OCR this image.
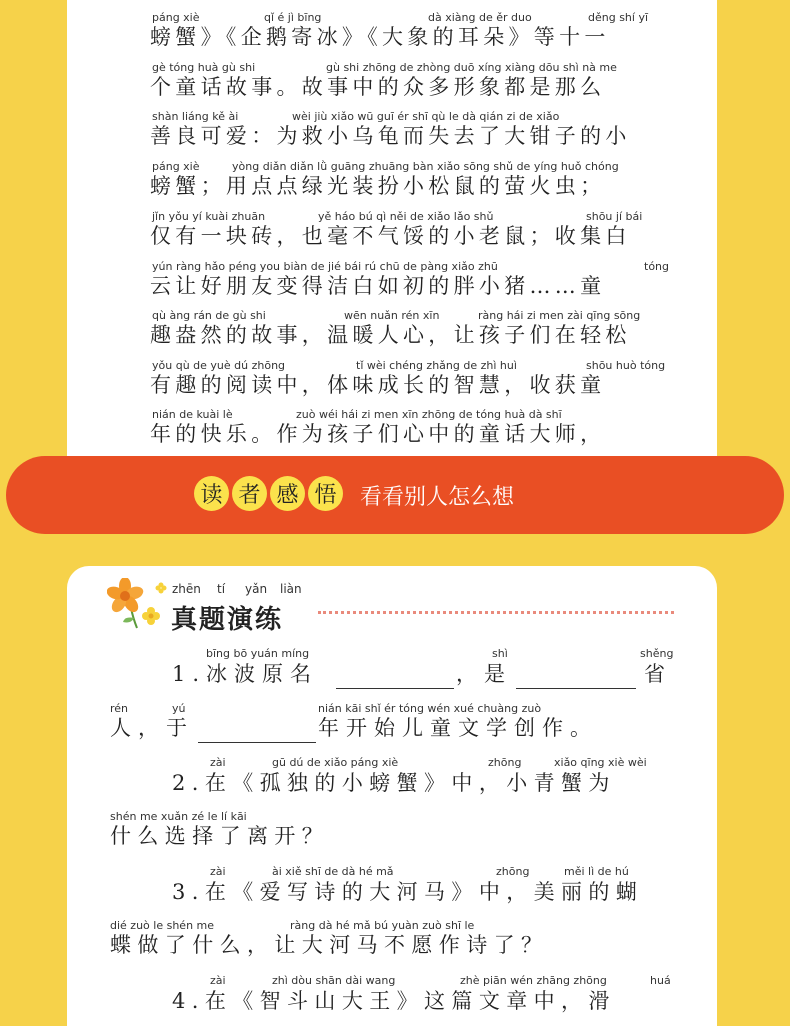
páng xiè	qǐ é jì bīng	dà xiàng de ěr duo	děng shí yī
螃蟹》《企鹅寄冰》《大象的耳朵》等十一
gè tóng huà gù shi	gù shi zhōng de zhòng duō xíng xiàng dōu shì nà me
个童话故事。故事中的众多形象都是那么
shàn liáng kě ài	wèi jiù xiǎo wū guī ér shī qù le dà qián zi de xiǎo
善良可爱：为救小乌龟而失去了大钳子的小
páng xiè	yòng diǎn diǎn lǜ guāng zhuāng bàn xiǎo sōng shǔ de yíng huǒ chóng
螃蟹；用点点绿光装扮小松鼠的萤火虫；
jǐn yǒu yí kuài zhuān	yě háo bú qì něi de xiǎo lǎo shǔ	shōu jí bái
仅有一块砖，也毫不气馁的小老鼠；收集白
yún ràng hǎo péng you biàn de jié bái rú chū de pàng xiǎo zhū	tóng
云让好朋友变得洁白如初的胖小猪……童
qù àng rán de gù shi	wēn nuǎn rén xīn	ràng hái zi men zài qīng sōng
趣盎然的故事，温暖人心，让孩子们在轻松
yǒu qù de yuè dú zhōng	tǐ wèi chéng zhǎng de zhì huì	shōu huò tóng
有趣的阅读中，体味成长的智慧，收获童
nián de kuài lè	zuò wéi hái zi men xīn zhōng de tóng huà dà shī
年的快乐。作为孩子们心中的童话大师，
读 者 感 悟 看看别人怎么想
zhēn tí yǎn liàn
真题演练
bīng bō yuán míng	shì	shěng
1.冰波原名	，是	省
rén	yú	nián kāi shǐ ér tóng wén xué chuàng zuò
人，于	年开始儿童文学创作。
zài	gū dú de xiǎo páng xiè	zhōng	xiǎo qīng xiè wèi
2.在《孤独的小螃蟹》中，小青蟹为
shén me xuǎn zé le lí kāi
什么选择了离开？
zài	ài xiě shī de dà hé mǎ	zhōng	měi lì de hú
3.在《爱写诗的大河马》中，美丽的蝴
dié zuò le shén me	ràng dà hé mǎ bú yuàn zuò shī le
蝶做了什么，让大河马不愿作诗了？
zài	zhì dòu shān dài wang	zhè piān wén zhāng zhōng	huá
4.在《智斗山大王》这篇文章中，滑
